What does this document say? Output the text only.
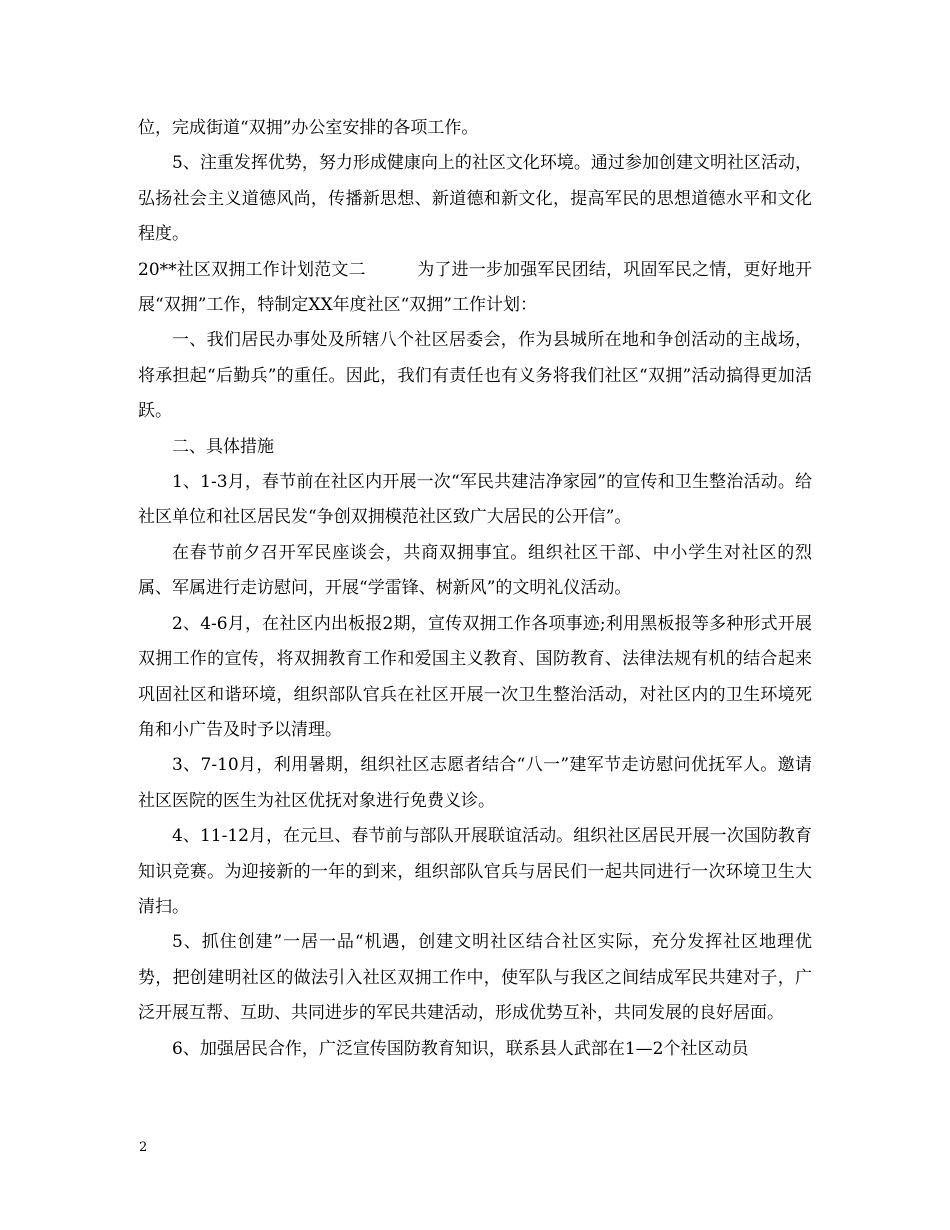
位，完成街道“双拥”办公室安排的各项工作。

5、注重发挥优势，努力形成健康向上的社区文化环境。通过参加创建文明社区活动，弘扬社会主义道德风尚，传播新思想、新道德和新文化，提高军民的思想道德水平和文化程度。

20**社区双拥工作计划范文二　　　为了进一步加强军民团结，巩固军民之情，更好地开展“双拥”工作，特制定XX年度社区“双拥”工作计划：

一、我们居民办事处及所辖八个社区居委会，作为县城所在地和争创活动的主战场，将承担起“后勤兵”的重任。因此，我们有责任也有义务将我们社区“双拥”活动搞得更加活跃。

二、具体措施

1、1-3月，春节前在社区内开展一次“军民共建洁净家园”的宣传和卫生整治活动。给社区单位和社区居民发“争创双拥模范社区致广大居民的公开信”。

在春节前夕召开军民座谈会，共商双拥事宜。组织社区干部、中小学生对社区的烈属、军属进行走访慰问，开展“学雷锋、树新风”的文明礼仪活动。

2、4-6月，在社区内出板报2期，宣传双拥工作各项事迹;利用黑板报等多种形式开展双拥工作的宣传，将双拥教育工作和爱国主义教育、国防教育、法律法规有机的结合起来巩固社区和谐环境，组织部队官兵在社区开展一次卫生整治活动，对社区内的卫生环境死角和小广告及时予以清理。

3、7-10月，利用暑期，组织社区志愿者结合“八一”建军节走访慰问优抚军人。邀请社区医院的医生为社区优抚对象进行免费义诊。

4、11-12月，在元旦、春节前与部队开展联谊活动。组织社区居民开展一次国防教育知识竞赛。为迎接新的一年的到来，组织部队官兵与居民们一起共同进行一次环境卫生大清扫。

5、抓住创建”一居一品“机遇，创建文明社区结合社区实际，充分发挥社区地理优势，把创建明社区的做法引入社区双拥工作中，使军队与我区之间结成军民共建对子，广泛开展互帮、互助、共同进步的军民共建活动，形成优势互补，共同发展的良好居面。

6、加强居民合作，广泛宣传国防教育知识，联系县人武部在1—2个社区动员

2
